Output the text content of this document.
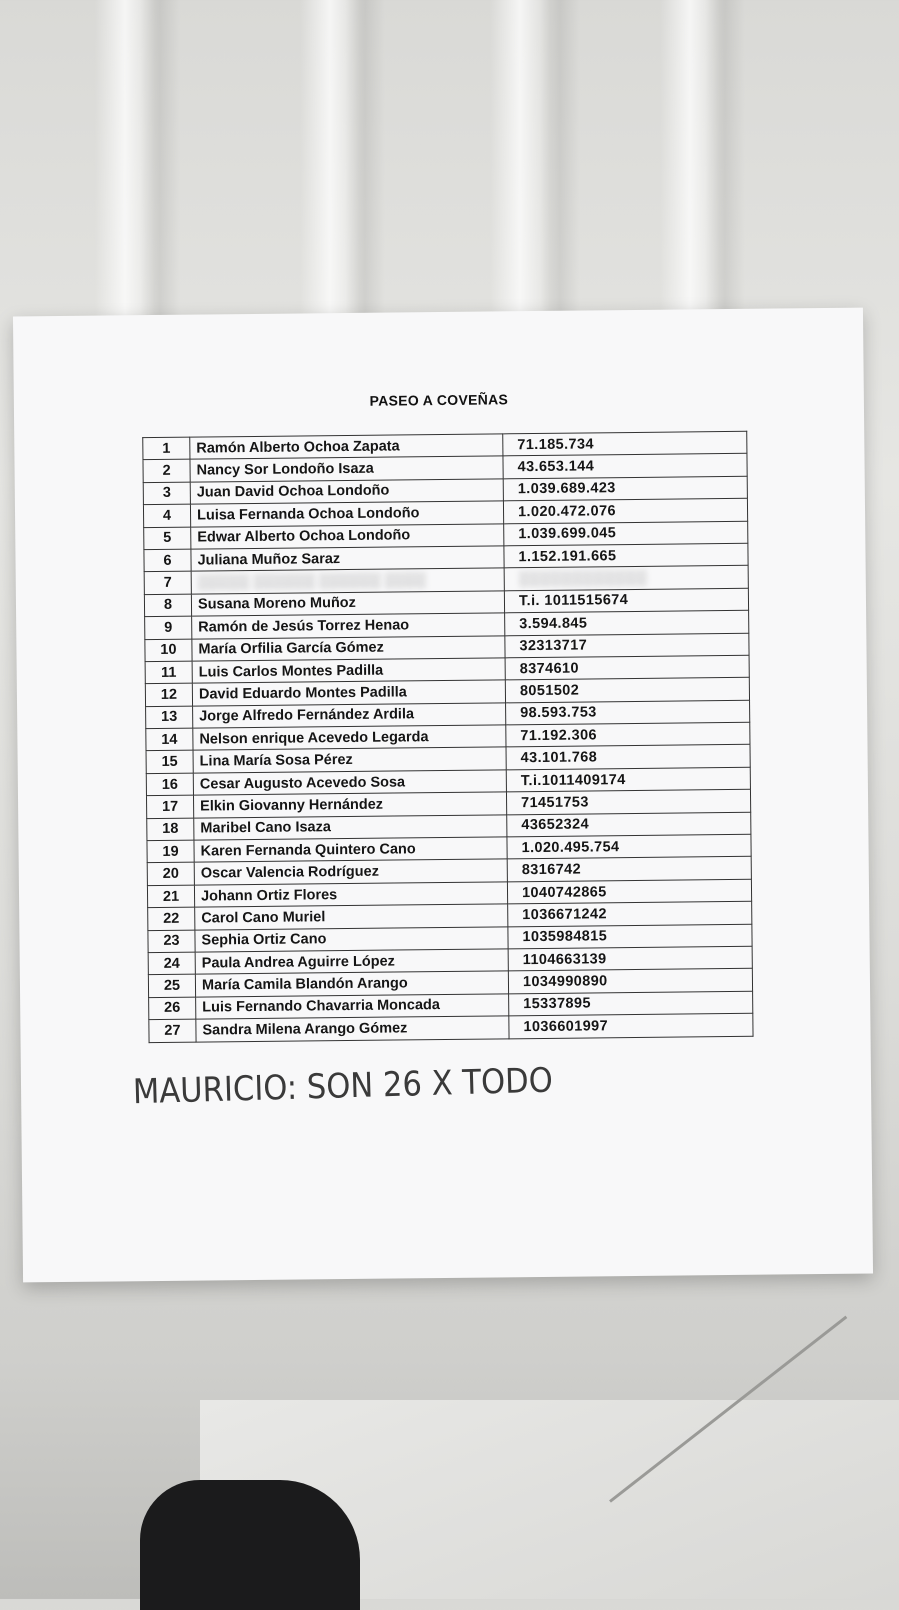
PASEO A COVEÑAS
1	Ramón Alberto Ochoa Zapata	71.185.734
2	Nancy Sor Londoño Isaza	43.653.144
3	Juan David Ochoa Londoño	1.039.689.423
4	Luisa Fernanda Ochoa Londoño	1.020.472.076
5	Edwar Alberto Ochoa Londoño	1.039.699.045
6	Juliana Muñoz Saraz	1.152.191.665
7	░░░░░ ░░░░░░ ░░░░░░ ░░░░	░░░░░░░░░░░░
8	Susana Moreno Muñoz	T.i. 1011515674
9	Ramón de Jesús Torrez Henao	3.594.845
10	María Orfilia García Gómez	32313717
11	Luis Carlos Montes Padilla	8374610
12	David Eduardo Montes Padilla	8051502
13	Jorge Alfredo Fernández Ardila	98.593.753
14	Nelson enrique Acevedo Legarda	71.192.306
15	Lina María Sosa Pérez	43.101.768
16	Cesar Augusto Acevedo Sosa	T.i.1011409174
17	Elkin Giovanny Hernández	71451753
18	Maribel Cano Isaza	43652324
19	Karen Fernanda Quintero Cano	1.020.495.754
20	Oscar Valencia Rodríguez	8316742
21	Johann Ortiz Flores	1040742865
22	Carol Cano Muriel	1036671242
23	Sephia Ortiz Cano	1035984815
24	Paula Andrea Aguirre López	1104663139
25	María Camila Blandón Arango	1034990890
26	Luis Fernando Chavarria Moncada	15337895
27	Sandra Milena Arango Gómez	1036601997
MAURICIO: SON 26 X TODO
